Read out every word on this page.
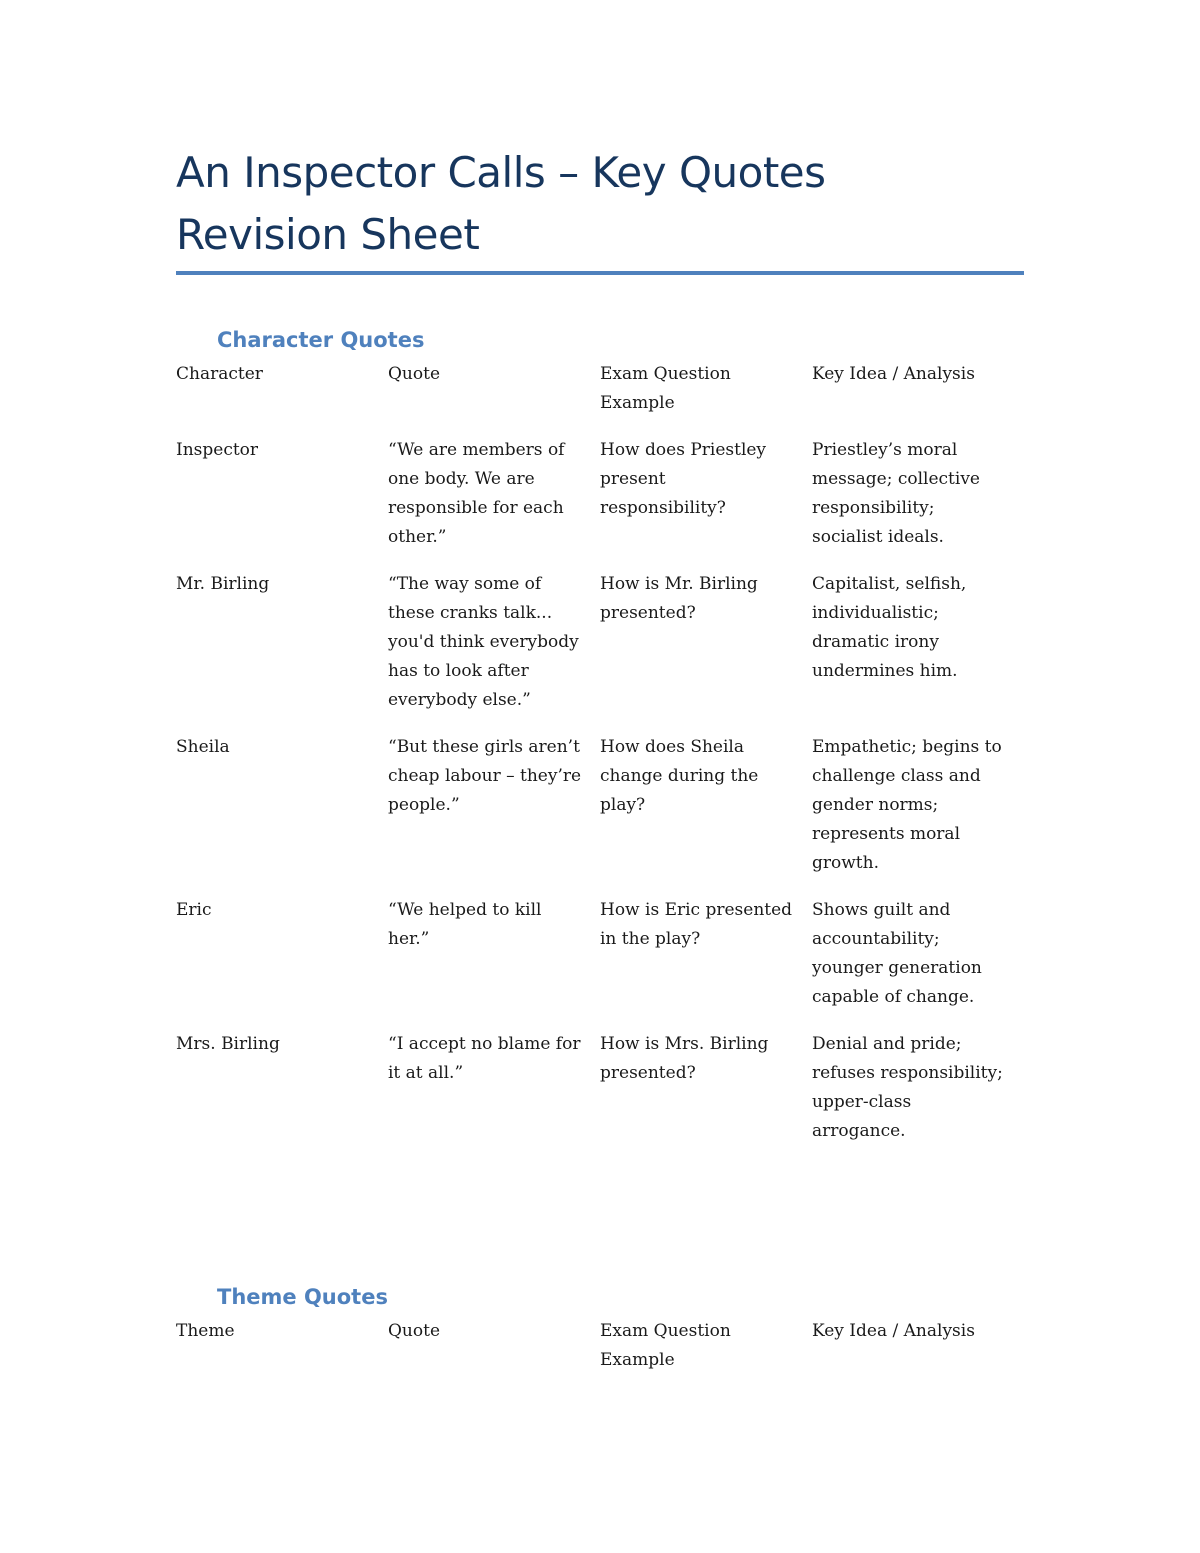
An Inspector Calls – Key Quotes
Revision Sheet
Character Quotes
Character	Quote	Exam Question Example	Key Idea / Analysis
Inspector	“We are members of one body. We are responsible for each other.”	How does Priestley present responsibility?	Priestley’s moral message; collective responsibility; socialist ideals.
Mr. Birling	“The way some of these cranks talk... you'd think everybody has to look after everybody else.”	How is Mr. Birling presented?	Capitalist, selfish, individualistic; dramatic irony undermines him.
Sheila	“But these girls aren’t cheap labour – they’re people.”	How does Sheila change during the play?	Empathetic; begins to challenge class and gender norms; represents moral growth.
Eric	“We helped to kill her.”	How is Eric presented in the play?	Shows guilt and accountability; younger generation capable of change.
Mrs. Birling	“I accept no blame for it at all.”	How is Mrs. Birling presented?	Denial and pride; refuses responsibility; upper-class arrogance.
Theme Quotes
Theme	Quote	Exam Question Example	Key Idea / Analysis
